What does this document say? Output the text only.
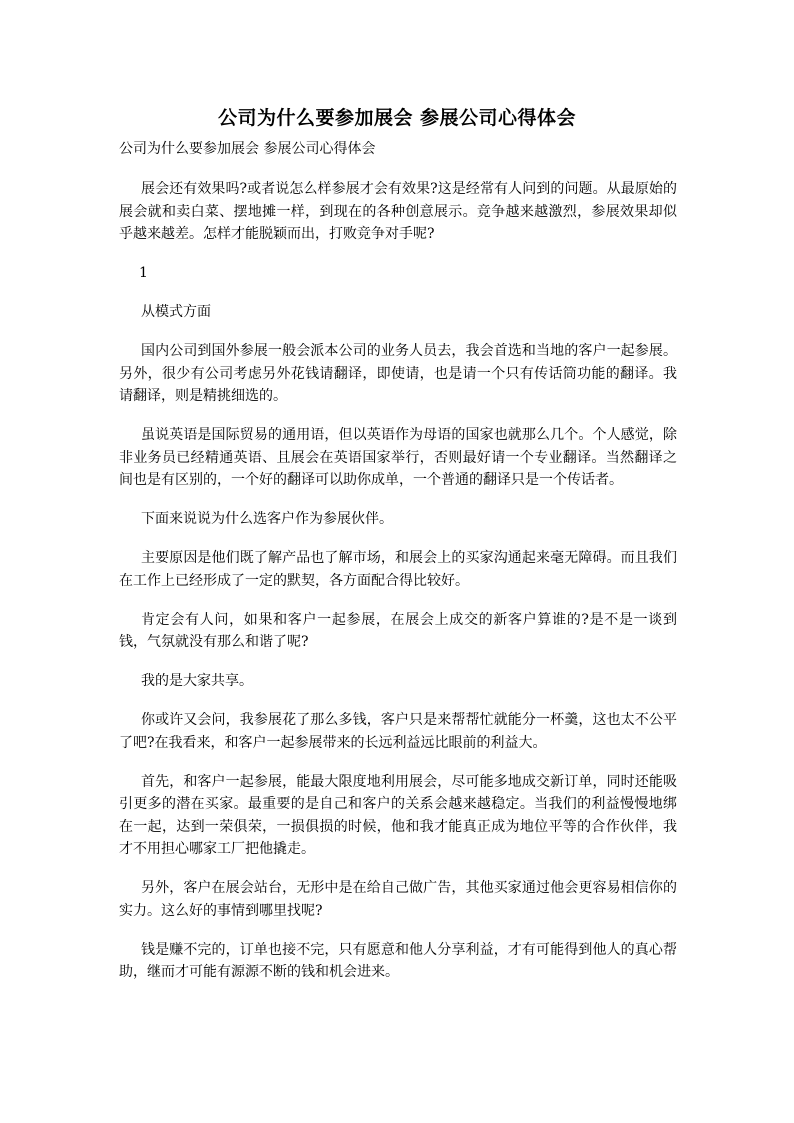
公司为什么要参加展会 参展公司心得体会
公司为什么要参加展会 参展公司心得体会

展会还有效果吗?或者说怎么样参展才会有效果?这是经常有人问到的问题。从最原始的展会就和卖白菜、摆地摊一样，到现在的各种创意展示。竞争越来越激烈，参展效果却似乎越来越差。怎样才能脱颖而出，打败竞争对手呢?

1

从模式方面

国内公司到国外参展一般会派本公司的业务人员去，我会首选和当地的客户一起参展。另外，很少有公司考虑另外花钱请翻译，即使请，也是请一个只有传话筒功能的翻译。我请翻译，则是精挑细选的。

虽说英语是国际贸易的通用语，但以英语作为母语的国家也就那么几个。个人感觉，除非业务员已经精通英语、且展会在英语国家举行，否则最好请一个专业翻译。当然翻译之间也是有区别的，一个好的翻译可以助你成单，一个普通的翻译只是一个传话者。

下面来说说为什么选客户作为参展伙伴。

主要原因是他们既了解产品也了解市场，和展会上的买家沟通起来毫无障碍。而且我们在工作上已经形成了一定的默契，各方面配合得比较好。

肯定会有人问，如果和客户一起参展，在展会上成交的新客户算谁的?是不是一谈到钱，气氛就没有那么和谐了呢?

我的是大家共享。

你或许又会问，我参展花了那么多钱，客户只是来帮帮忙就能分一杯羹，这也太不公平了吧?在我看来，和客户一起参展带来的长远利益远比眼前的利益大。

首先，和客户一起参展，能最大限度地利用展会，尽可能多地成交新订单，同时还能吸引更多的潜在买家。最重要的是自己和客户的关系会越来越稳定。当我们的利益慢慢地绑在一起，达到一荣俱荣，一损俱损的时候，他和我才能真正成为地位平等的合作伙伴，我才不用担心哪家工厂把他撬走。

另外，客户在展会站台，无形中是在给自己做广告，其他买家通过他会更容易相信你的实力。这么好的事情到哪里找呢?

钱是赚不完的，订单也接不完，只有愿意和他人分享利益，才有可能得到他人的真心帮助，继而才可能有源源不断的钱和机会进来。
